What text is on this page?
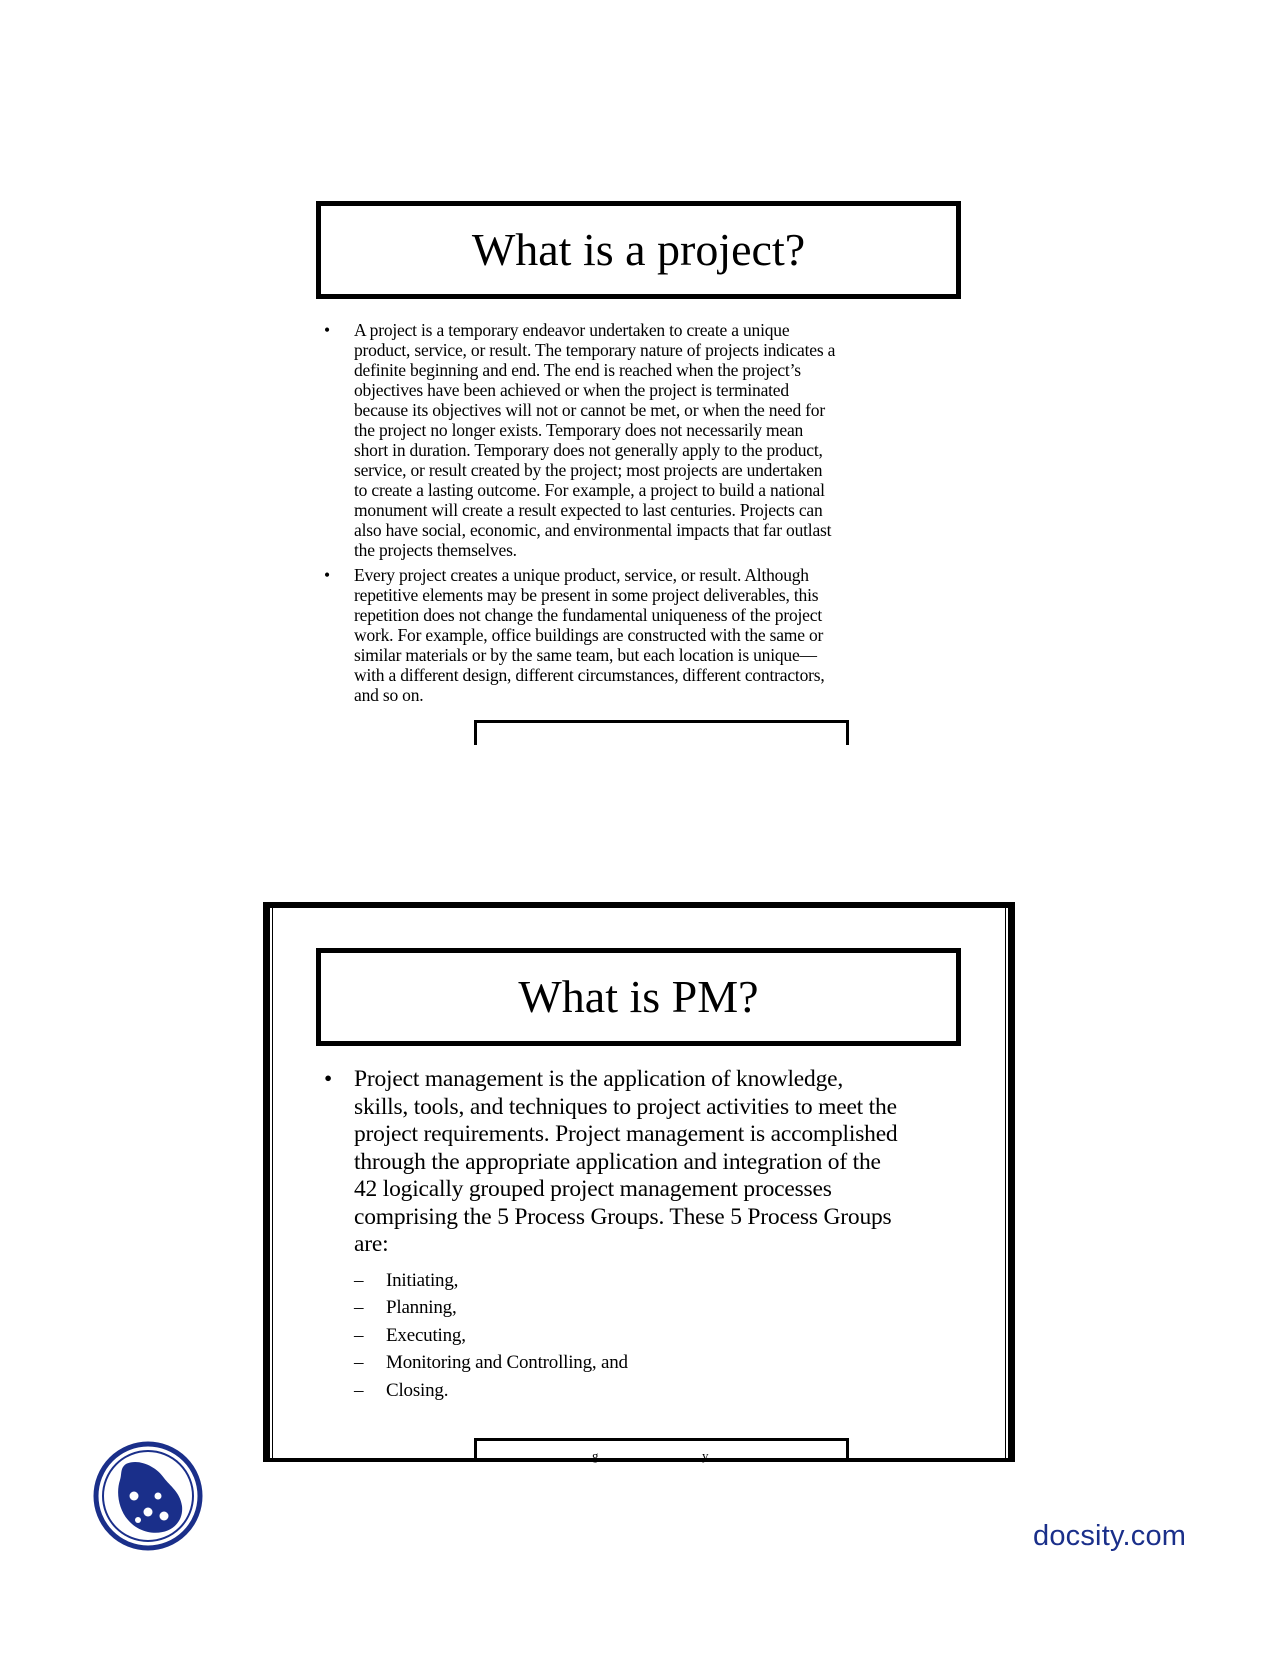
What is a project?
• A project is a temporary endeavor undertaken to create a unique
product, service, or result. The temporary nature of projects indicates a
definite beginning and end. The end is reached when the project’s
objectives have been achieved or when the project is terminated
because its objectives will not or cannot be met, or when the need for
the project no longer exists. Temporary does not necessarily mean
short in duration. Temporary does not generally apply to the product,
service, or result created by the project; most projects are undertaken
to create a lasting outcome. For example, a project to build a national
monument will create a result expected to last centuries. Projects can
also have social, economic, and environmental impacts that far outlast
the projects themselves.
• Every project creates a unique product, service, or result. Although
repetitive elements may be present in some project deliverables, this
repetition does not change the fundamental uniqueness of the project
work. For example, office buildings are constructed with the same or
similar materials or by the same team, but each location is unique—
with a different design, different circumstances, different contractors,
and so on.
What is PM?
• Project management is the application of knowledge,
skills, tools, and techniques to project activities to meet the
project requirements. Project management is accomplished
through the appropriate application and integration of the
42 logically grouped project management processes
comprising the 5 Process Groups. These 5 Process Groups
are:
– Initiating,
– Planning,
– Executing,
– Monitoring and Controlling, and
– Closing.
g	y
docsity.com
